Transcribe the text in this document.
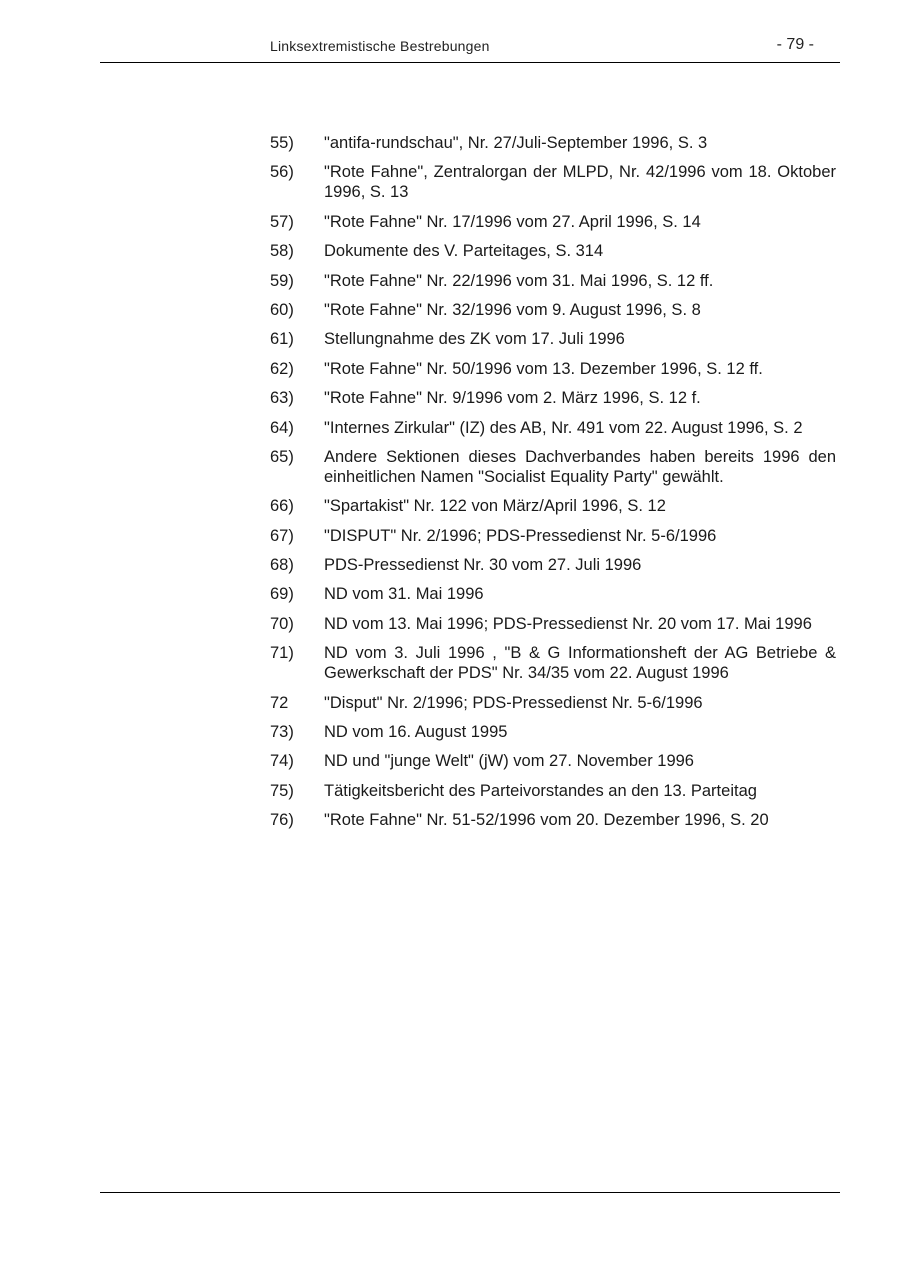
Linksextremistische Bestrebungen	- 79 -
55)	"antifa-rundschau", Nr. 27/Juli-September 1996, S. 3
56)	"Rote Fahne", Zentralorgan der MLPD, Nr. 42/1996 vom 18. Oktober 1996, S. 13
57)	"Rote Fahne" Nr. 17/1996 vom 27. April 1996, S. 14
58)	Dokumente des V. Parteitages, S. 314
59)	"Rote Fahne" Nr. 22/1996 vom 31. Mai 1996, S. 12 ff.
60)	"Rote Fahne" Nr. 32/1996 vom 9. August 1996, S. 8
61)	Stellungnahme des ZK vom 17. Juli 1996
62)	"Rote Fahne" Nr. 50/1996 vom 13. Dezember 1996, S. 12 ff.
63)	"Rote Fahne" Nr. 9/1996 vom 2. März 1996, S. 12 f.
64)	"Internes Zirkular" (IZ) des AB, Nr. 491 vom 22. August 1996, S. 2
65)	Andere Sektionen dieses Dachverbandes haben bereits 1996 den einheitlichen Namen "Socialist Equality Party" gewählt.
66)	"Spartakist" Nr. 122 von März/April 1996, S. 12
67)	"DISPUT" Nr. 2/1996; PDS-Pressedienst Nr. 5-6/1996
68)	PDS-Pressedienst Nr. 30 vom 27. Juli 1996
69)	ND vom 31. Mai 1996
70)	ND vom 13. Mai 1996; PDS-Pressedienst Nr. 20 vom 17. Mai 1996
71)	ND vom 3. Juli 1996 , "B & G Informationsheft der AG Betriebe & Gewerkschaft der PDS" Nr. 34/35 vom 22. August 1996
72	"Disput" Nr. 2/1996; PDS-Pressedienst Nr. 5-6/1996
73)	ND vom 16. August 1995
74)	ND und "junge Welt" (jW) vom 27. November 1996
75)	Tätigkeitsbericht des Parteivorstandes an den 13. Parteitag
76)	"Rote Fahne" Nr. 51-52/1996 vom 20. Dezember 1996, S. 20
